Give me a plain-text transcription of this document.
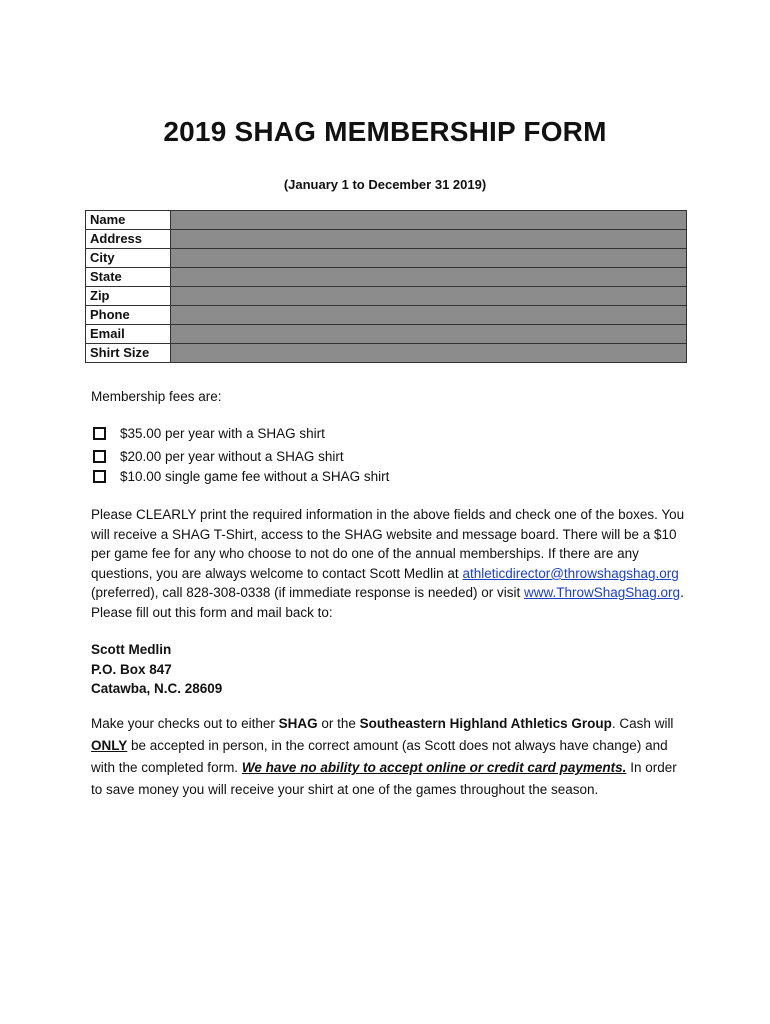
2019 SHAG MEMBERSHIP FORM
(January 1 to December 31 2019)
Name	
Address	
City	
State	
Zip	
Phone	
Email	
Shirt Size	
Membership fees are:
$35.00 per year with a SHAG shirt
$20.00 per year without a SHAG shirt
$10.00 single game fee without a SHAG shirt
Please CLEARLY print the required information in the above fields and check one of the boxes. You will receive a SHAG T-Shirt, access to the SHAG website and message board. There will be a $10 per game fee for any who choose to not do one of the annual memberships. If there are any questions, you are always welcome to contact Scott Medlin at athleticdirector@throwshagshag.org (preferred), call 828-308-0338 (if immediate response is needed) or visit www.ThrowShagShag.org. Please fill out this form and mail back to:
Scott Medlin
P.O. Box 847
Catawba, N.C. 28609
Make your checks out to either SHAG or the Southeastern Highland Athletics Group. Cash will ONLY be accepted in person, in the correct amount (as Scott does not always have change) and with the completed form. We have no ability to accept online or credit card payments. In order to save money you will receive your shirt at one of the games throughout the season.
